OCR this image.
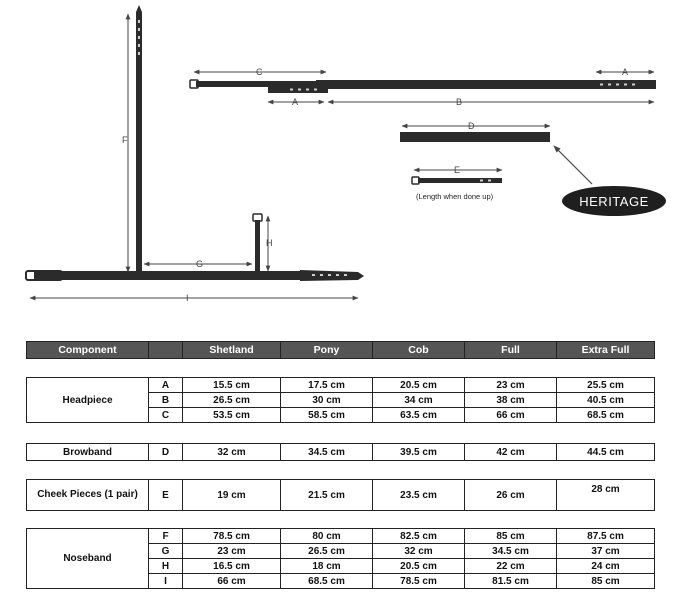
F
H
G
I
C	A
A	B
D
E
(Length when done up)	HERITAGE
Component		Shetland	Pony	Cob	Full	Extra Full
Headpiece	A	15.5 cm	17.5 cm	20.5 cm	23 cm	25.5 cm
	B	26.5 cm	30 cm	34 cm	38 cm	40.5 cm
	C	53.5 cm	58.5 cm	63.5 cm	66 cm	68.5 cm
Browband	D	32 cm	34.5 cm	39.5 cm	42 cm	44.5 cm
Cheek Pieces (1 pair)	E	19 cm	21.5 cm	23.5 cm	26 cm	28 cm
Noseband	F	78.5 cm	80 cm	82.5 cm	85 cm	87.5 cm
	G	23 cm	26.5 cm	32 cm	34.5 cm	37 cm
	H	16.5 cm	18 cm	20.5 cm	22 cm	24 cm
	I	66 cm	68.5 cm	78.5 cm	81.5 cm	85 cm
